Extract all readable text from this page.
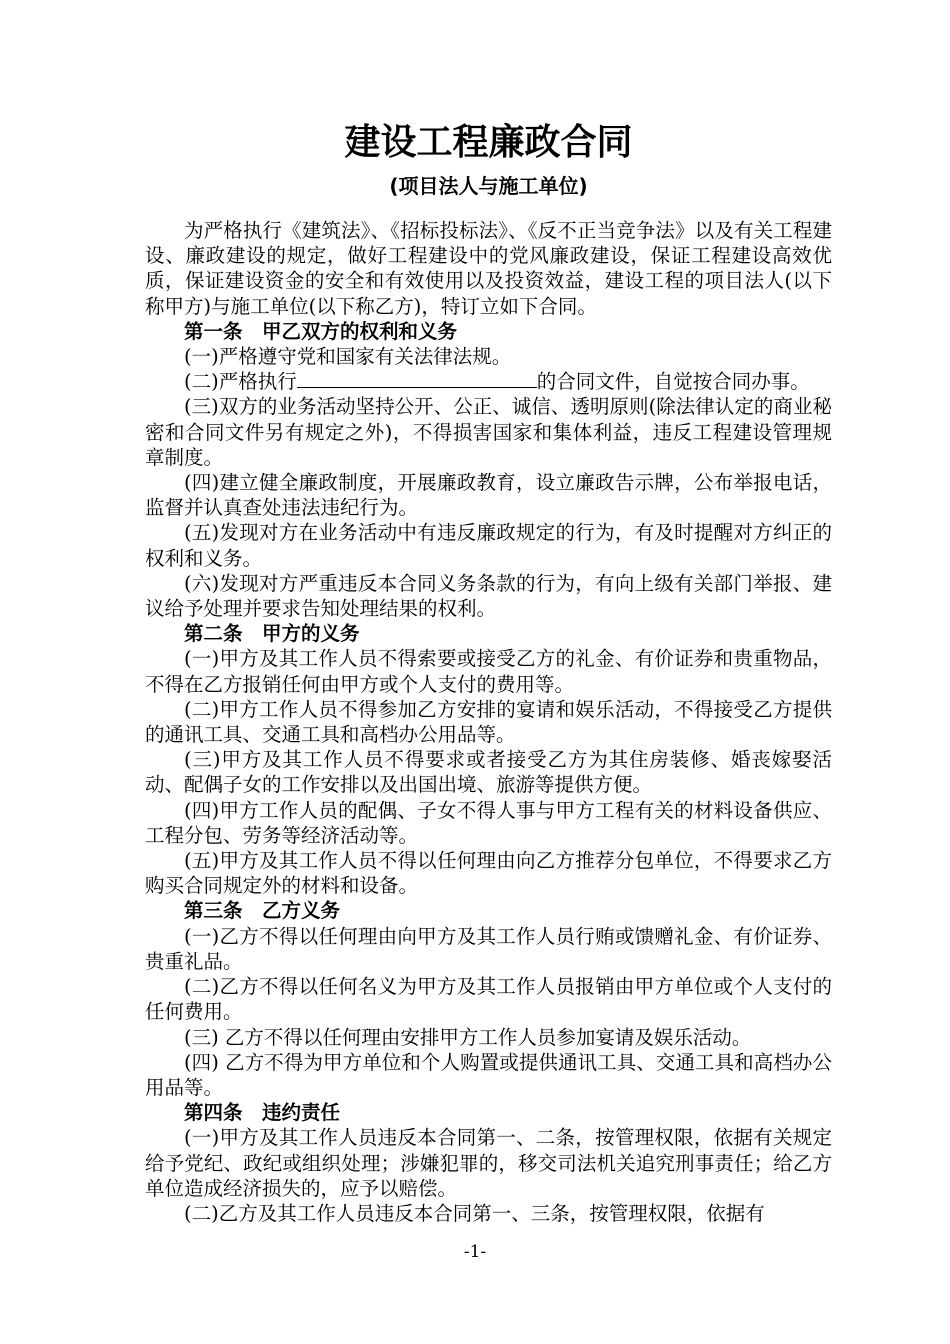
建设工程廉政合同
(项目法人与施工单位)

为严格执行《建筑法》、《招标投标法》、《反不正当竞争法》以及有关工程建设、廉政建设的规定，做好工程建设中的党风廉政建设，保证工程建设高效优质，保证建设资金的安全和有效使用以及投资效益，建设工程的项目法人(以下称甲方)与施工单位(以下称乙方)，特订立如下合同。

第一条 甲乙双方的权利和义务

(一)严格遵守党和国家有关法律法规。

(二)严格执行	的合同文件，自觉按合同办事。

(三)双方的业务活动坚持公开、公正、诚信、透明原则(除法律认定的商业秘密和合同文件另有规定之外)，不得损害国家和集体利益，违反工程建设管理规章制度。

(四)建立健全廉政制度，开展廉政教育，设立廉政告示牌，公布举报电话，监督并认真查处违法违纪行为。

(五)发现对方在业务活动中有违反廉政规定的行为，有及时提醒对方纠正的权利和义务。

(六)发现对方严重违反本合同义务条款的行为，有向上级有关部门举报、建议给予处理并要求告知处理结果的权利。

第二条 甲方的义务

(一)甲方及其工作人员不得索要或接受乙方的礼金、有价证券和贵重物品，不得在乙方报销任何由甲方或个人支付的费用等。

(二)甲方工作人员不得参加乙方安排的宴请和娱乐活动，不得接受乙方提供的通讯工具、交通工具和高档办公用品等。

(三)甲方及其工作人员不得要求或者接受乙方为其住房装修、婚丧嫁娶活动、配偶子女的工作安排以及出国出境、旅游等提供方便。

(四)甲方工作人员的配偶、子女不得人事与甲方工程有关的材料设备供应、工程分包、劳务等经济活动等。

(五)甲方及其工作人员不得以任何理由向乙方推荐分包单位，不得要求乙方购买合同规定外的材料和设备。

第三条 乙方义务

(一)乙方不得以任何理由向甲方及其工作人员行贿或馈赠礼金、有价证券、贵重礼品。

(二)乙方不得以任何名义为甲方及其工作人员报销由甲方单位或个人支付的任何费用。

(三) 乙方不得以任何理由安排甲方工作人员参加宴请及娱乐活动。

(四) 乙方不得为甲方单位和个人购置或提供通讯工具、交通工具和高档办公用品等。

第四条 违约责任

(一)甲方及其工作人员违反本合同第一、二条，按管理权限，依据有关规定给予党纪、政纪或组织处理；涉嫌犯罪的，移交司法机关追究刑事责任；给乙方单位造成经济损失的，应予以赔偿。

(二)乙方及其工作人员违反本合同第一、三条，按管理权限，依据有

-1-
